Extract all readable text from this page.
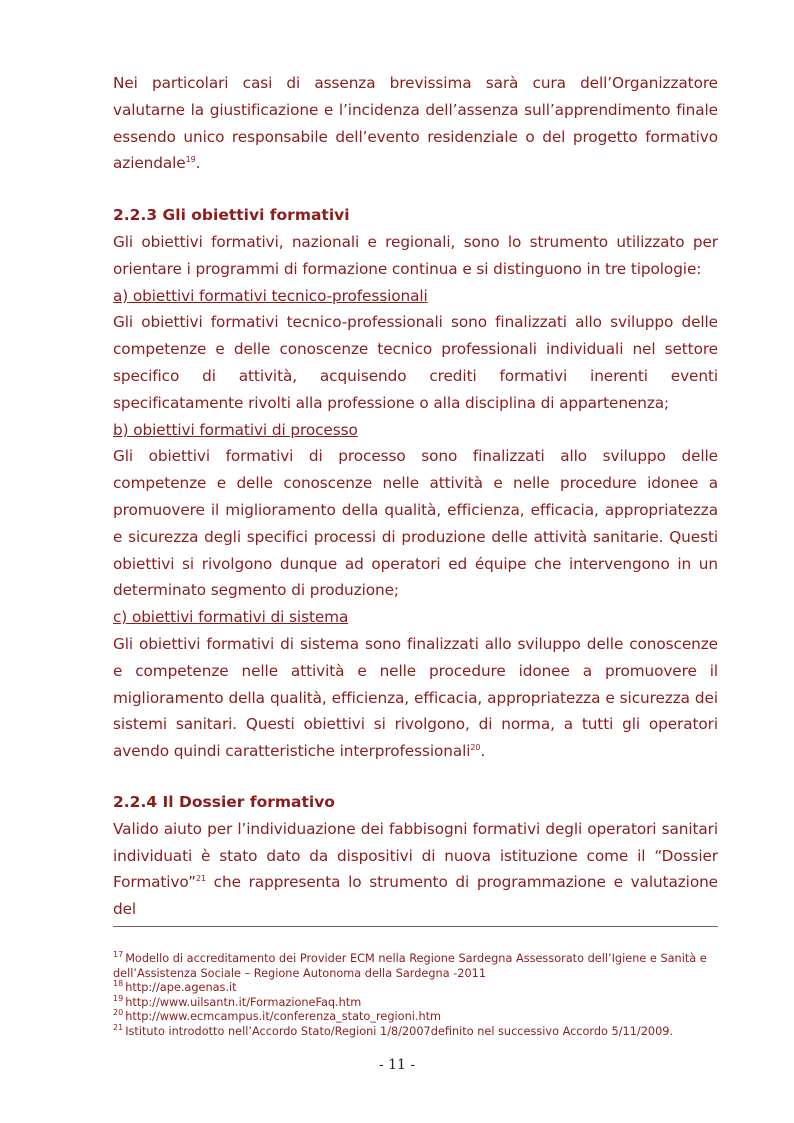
Nei particolari casi di assenza brevissima sarà cura dell’Organizzatore valutarne la giustificazione e l’incidenza dell’assenza sull’apprendimento finale essendo unico responsabile dell’evento residenziale o del progetto formativo aziendale$^{19}$.

2.2.3 Gli obiettivi formativi

Gli obiettivi formativi, nazionali e regionali, sono lo strumento utilizzato per orientare i programmi di formazione continua e si distinguono in tre tipologie:

a) obiettivi formativi tecnico-professionali

Gli obiettivi formativi tecnico-professionali sono finalizzati allo sviluppo delle competenze e delle conoscenze tecnico professionali individuali nel settore specifico di attività, acquisendo crediti formativi inerenti eventi specificatamente rivolti alla professione o alla disciplina di appartenenza;

b) obiettivi formativi di processo

Gli obiettivi formativi di processo sono finalizzati allo sviluppo delle competenze e delle conoscenze nelle attività e nelle procedure idonee a promuovere il miglioramento della qualità, efficienza, efficacia, appropriatezza e sicurezza degli specifici processi di produzione delle attività sanitarie. Questi obiettivi si rivolgono dunque ad operatori ed équipe che intervengono in un determinato segmento di produzione;

c) obiettivi formativi di sistema

Gli obiettivi formativi di sistema sono finalizzati allo sviluppo delle conoscenze e competenze nelle attività e nelle procedure idonee a promuovere il miglioramento della qualità, efficienza, efficacia, appropriatezza e sicurezza dei sistemi sanitari. Questi obiettivi si rivolgono, di norma, a tutti gli operatori avendo quindi caratteristiche interprofessionali$^{20}$.

2.2.4 Il Dossier formativo

Valido aiuto per l’individuazione dei fabbisogni formativi degli operatori sanitari individuati è stato dato da dispositivi di nuova istituzione come il “Dossier Formativo”$^{21}$ che rappresenta lo strumento di programmazione e valutazione del

$^{17}$ Modello di accreditamento dei Provider ECM nella Regione Sardegna Assessorato dell’Igiene e Sanità e dell’Assistenza Sociale – Regione Autonoma della Sardegna -2011

$^{18}$ http://ape.agenas.it

$^{19}$ http://www.uilsantn.it/FormazioneFaq.htm

$^{20}$ http://www.ecmcampus.it/conferenza_stato_regioni.htm

$^{21}$ Istituto introdotto nell’Accordo Stato/Regioni 1/8/2007definito nel successivo Accordo 5/11/2009.

- 11 -
